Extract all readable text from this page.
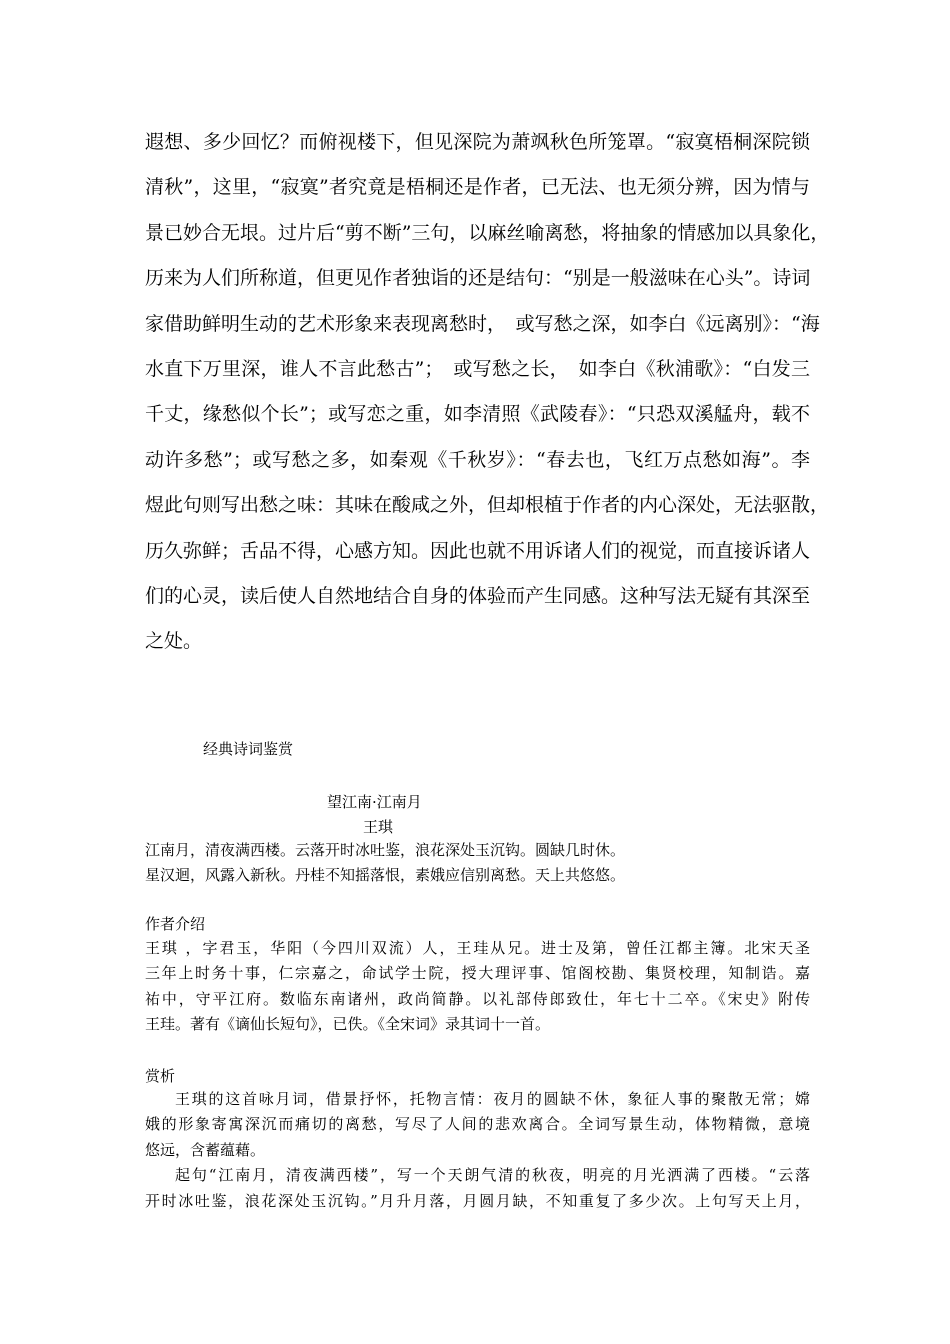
遐想、多少回忆？而俯视楼下，但见深院为萧飒秋色所笼罩。“寂寞梧桐深院锁
清秋”，这里，“寂寞”者究竟是梧桐还是作者，已无法、也无须分辨，因为情与
景已妙合无垠。过片后“剪不断”三句，以麻丝喻离愁，将抽象的情感加以具象化，
历来为人们所称道，但更见作者独诣的还是结句：“别是一般滋味在心头”。诗词
家借助鲜明生动的艺术形象来表现离愁时，　或写愁之深，如李白《远离别》：“海
水直下万里深，谁人不言此愁古”；　或写愁之长，　如李白《秋浦歌》：“白发三
千丈，缘愁似个长”；或写恋之重，如李清照《武陵春》：“只恐双溪艋舟，载不
动许多愁”；或写愁之多，如秦观《千秋岁》：“春去也，飞红万点愁如海”。李
煜此句则写出愁之味：其味在酸咸之外，但却根植于作者的内心深处，无法驱散，
历久弥鲜；舌品不得，心感方知。因此也就不用诉诸人们的视觉，而直接诉诸人
们的心灵，读后使人自然地结合自身的体验而产生同感。这种写法无疑有其深至
之处。
经典诗词鉴赏
望江南·江南月
王琪
江南月，清夜满西楼。云落开时冰吐鉴，浪花深处玉沉钩。圆缺几时休。
星汉迴，风露入新秋。丹桂不知摇落恨，素娥应信别离愁。天上共悠悠。
作者介绍
王琪 ，字君玉，华阳（今四川双流）人，王珪从兄。进士及第，曾任江都主簿。北宋天圣
三年上时务十事，仁宗嘉之，命试学士院，授大理评事、馆阁校勘、集贤校理，知制诰。嘉
祐中，守平江府。数临东南诸州，政尚简静。以礼部侍郎致仕，年七十二卒。《宋史》附传
王珪。著有《谪仙长短句》，已佚。《全宋词》录其词十一首。
赏析
王琪的这首咏月词，借景抒怀，托物言情：夜月的圆缺不休，象征人事的聚散无常；嫦
娥的形象寄寓深沉而痛切的离愁，写尽了人间的悲欢离合。全词写景生动，体物精微，意境
悠远，含蓄蕴藉。
起句“江南月，清夜满西楼”，写一个天朗气清的秋夜，明亮的月光洒满了西楼。“云落
开时冰吐鉴，浪花深处玉沉钩。”月升月落，月圆月缺，不知重复了多少次。上句写天上月，
